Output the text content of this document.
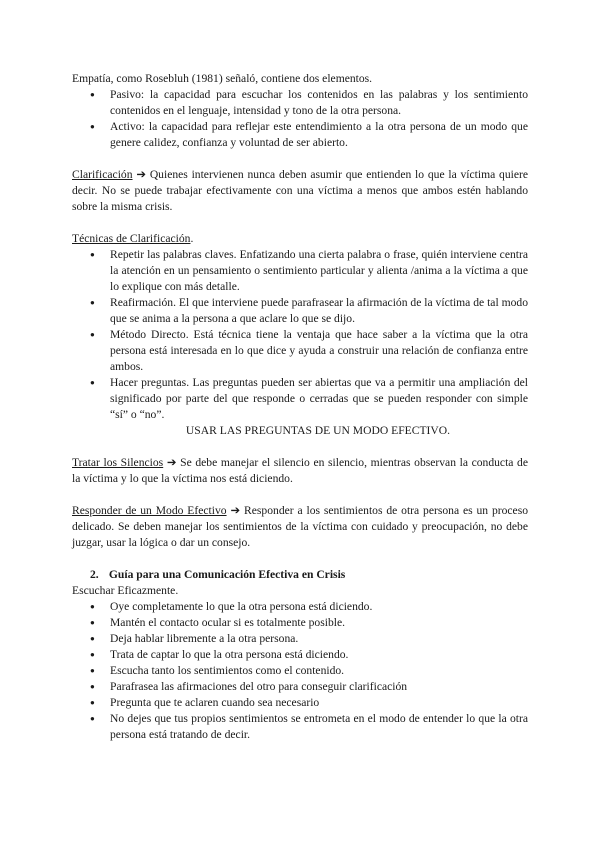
Empatía, como Rosebluh (1981) señaló, contiene dos elementos.

● Pasivo: la capacidad para escuchar los contenidos en las palabras y los sentimiento contenidos en el lenguaje, intensidad y tono de la otra persona.
● Activo: la capacidad para reflejar este entendimiento a la otra persona de un modo que genere calidez, confianza y voluntad de ser abierto.

Clarificación ➔ Quienes intervienen nunca deben asumir que entienden lo que la víctima quiere decir. No se puede trabajar efectivamente con una víctima a menos que ambos estén hablando sobre la misma crisis.

Técnicas de Clarificación.

● Repetir las palabras claves. Enfatizando una cierta palabra o frase, quién interviene centra la atención en un pensamiento o sentimiento particular y alienta /anima a la víctima a que lo explique con más detalle.
● Reafirmación. El que interviene puede parafrasear la afirmación de la víctima de tal modo que se anima a la persona a que aclare lo que se dijo.
● Método Directo. Está técnica tiene la ventaja que hace saber a la víctima que la otra persona está interesada en lo que dice y ayuda a construir una relación de confianza entre ambos.
● Hacer preguntas. Las preguntas pueden ser abiertas que va a permitir una ampliación del significado por parte del que responde o cerradas que se pueden responder con simple “sí” o “no”.

USAR LAS PREGUNTAS DE UN MODO EFECTIVO.

Tratar los Silencios ➔ Se debe manejar el silencio en silencio, mientras observan la conducta de la víctima y lo que la víctima nos está diciendo.

Responder de un Modo Efectivo ➔ Responder a los sentimientos de otra persona es un proceso delicado. Se deben manejar los sentimientos de la víctima con cuidado y preocupación, no debe juzgar, usar la lógica o dar un consejo.

2. Guía para una Comunicación Efectiva en Crisis

Escuchar Eficazmente.

● Oye completamente lo que la otra persona está diciendo.
● Mantén el contacto ocular si es totalmente posible.
● Deja hablar libremente a la otra persona.
● Trata de captar lo que la otra persona está diciendo.
● Escucha tanto los sentimientos como el contenido.
● Parafrasea las afirmaciones del otro para conseguir clarificación
● Pregunta que te aclaren cuando sea necesario
● No dejes que tus propios sentimientos se entrometa en el modo de entender lo que la otra persona está tratando de decir.
